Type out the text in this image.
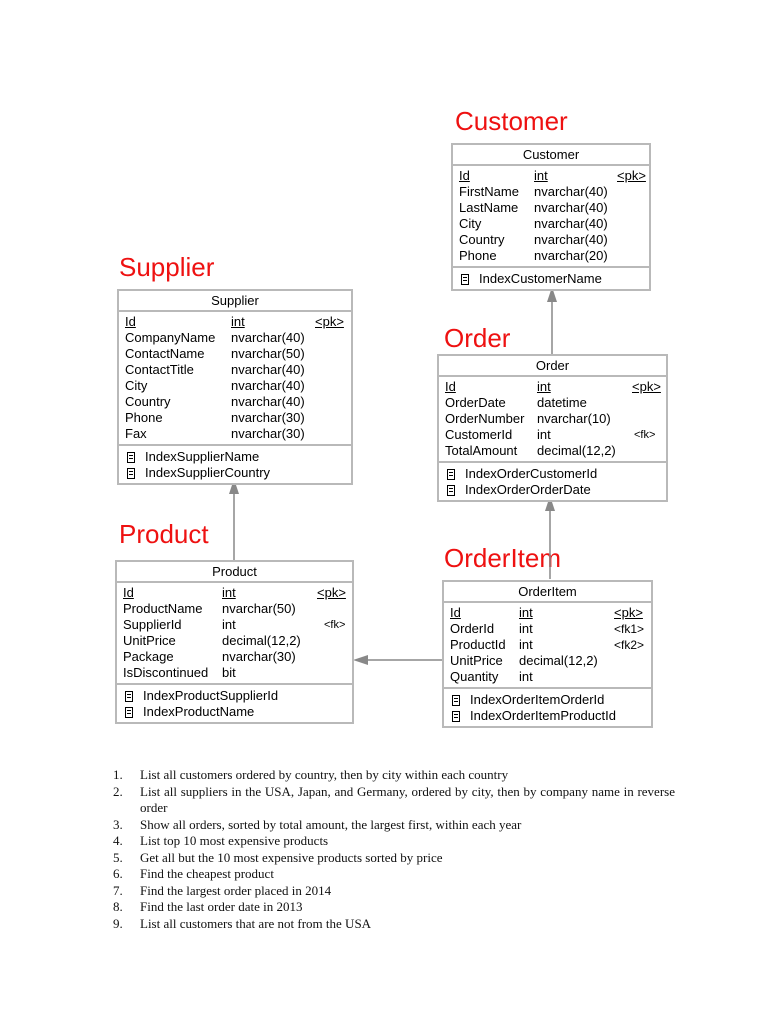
Customer
Supplier
Order
Product
OrderItem
Customer
Id	int	<pk>
FirstName nvarchar(40)
LastName nvarchar(40)
City	nvarchar(40)
Country nvarchar(40)
Phone	nvarchar(20)
IndexCustomerName
Supplier
Id	int	<pk>
CompanyName nvarchar(40)
ContactName nvarchar(50)
ContactTitle	nvarchar(40)
City	nvarchar(40)
Country	nvarchar(40)
Phone	nvarchar(30)
Fax	nvarchar(30)
IndexSupplierName
IndexSupplierCountry
Order
Id	int	<pk>
OrderDate datetime
OrderNumber nvarchar(10)
CustomerId int	<fk>
TotalAmount decimal(12,2)
IndexOrderCustomerId
IndexOrderOrderDate
Product
Id	int	<pk>
ProductName nvarchar(50)
SupplierId	int	<fk>
UnitPrice	decimal(12,2)
Package	nvarchar(30)
IsDiscontinued bit
IndexProductSupplierId
IndexProductName
OrderItem
Id	int	<pk>
OrderId int	<fk1>
ProductId int	<fk2>
UnitPrice decimal(12,2)
Quantity int
IndexOrderItemOrderId
IndexOrderItemProductId
1. List all customers ordered by country, then by city within each country
2. List all suppliers in the USA, Japan, and Germany, ordered by city, then by company name in reverse order
3. Show all orders, sorted by total amount, the largest first, within each year
4. List top 10 most expensive products
5. Get all but the 10 most expensive products sorted by price
6. Find the cheapest product
7. Find the largest order placed in 2014
8. Find the last order date in 2013
9. List all customers that are not from the USA
